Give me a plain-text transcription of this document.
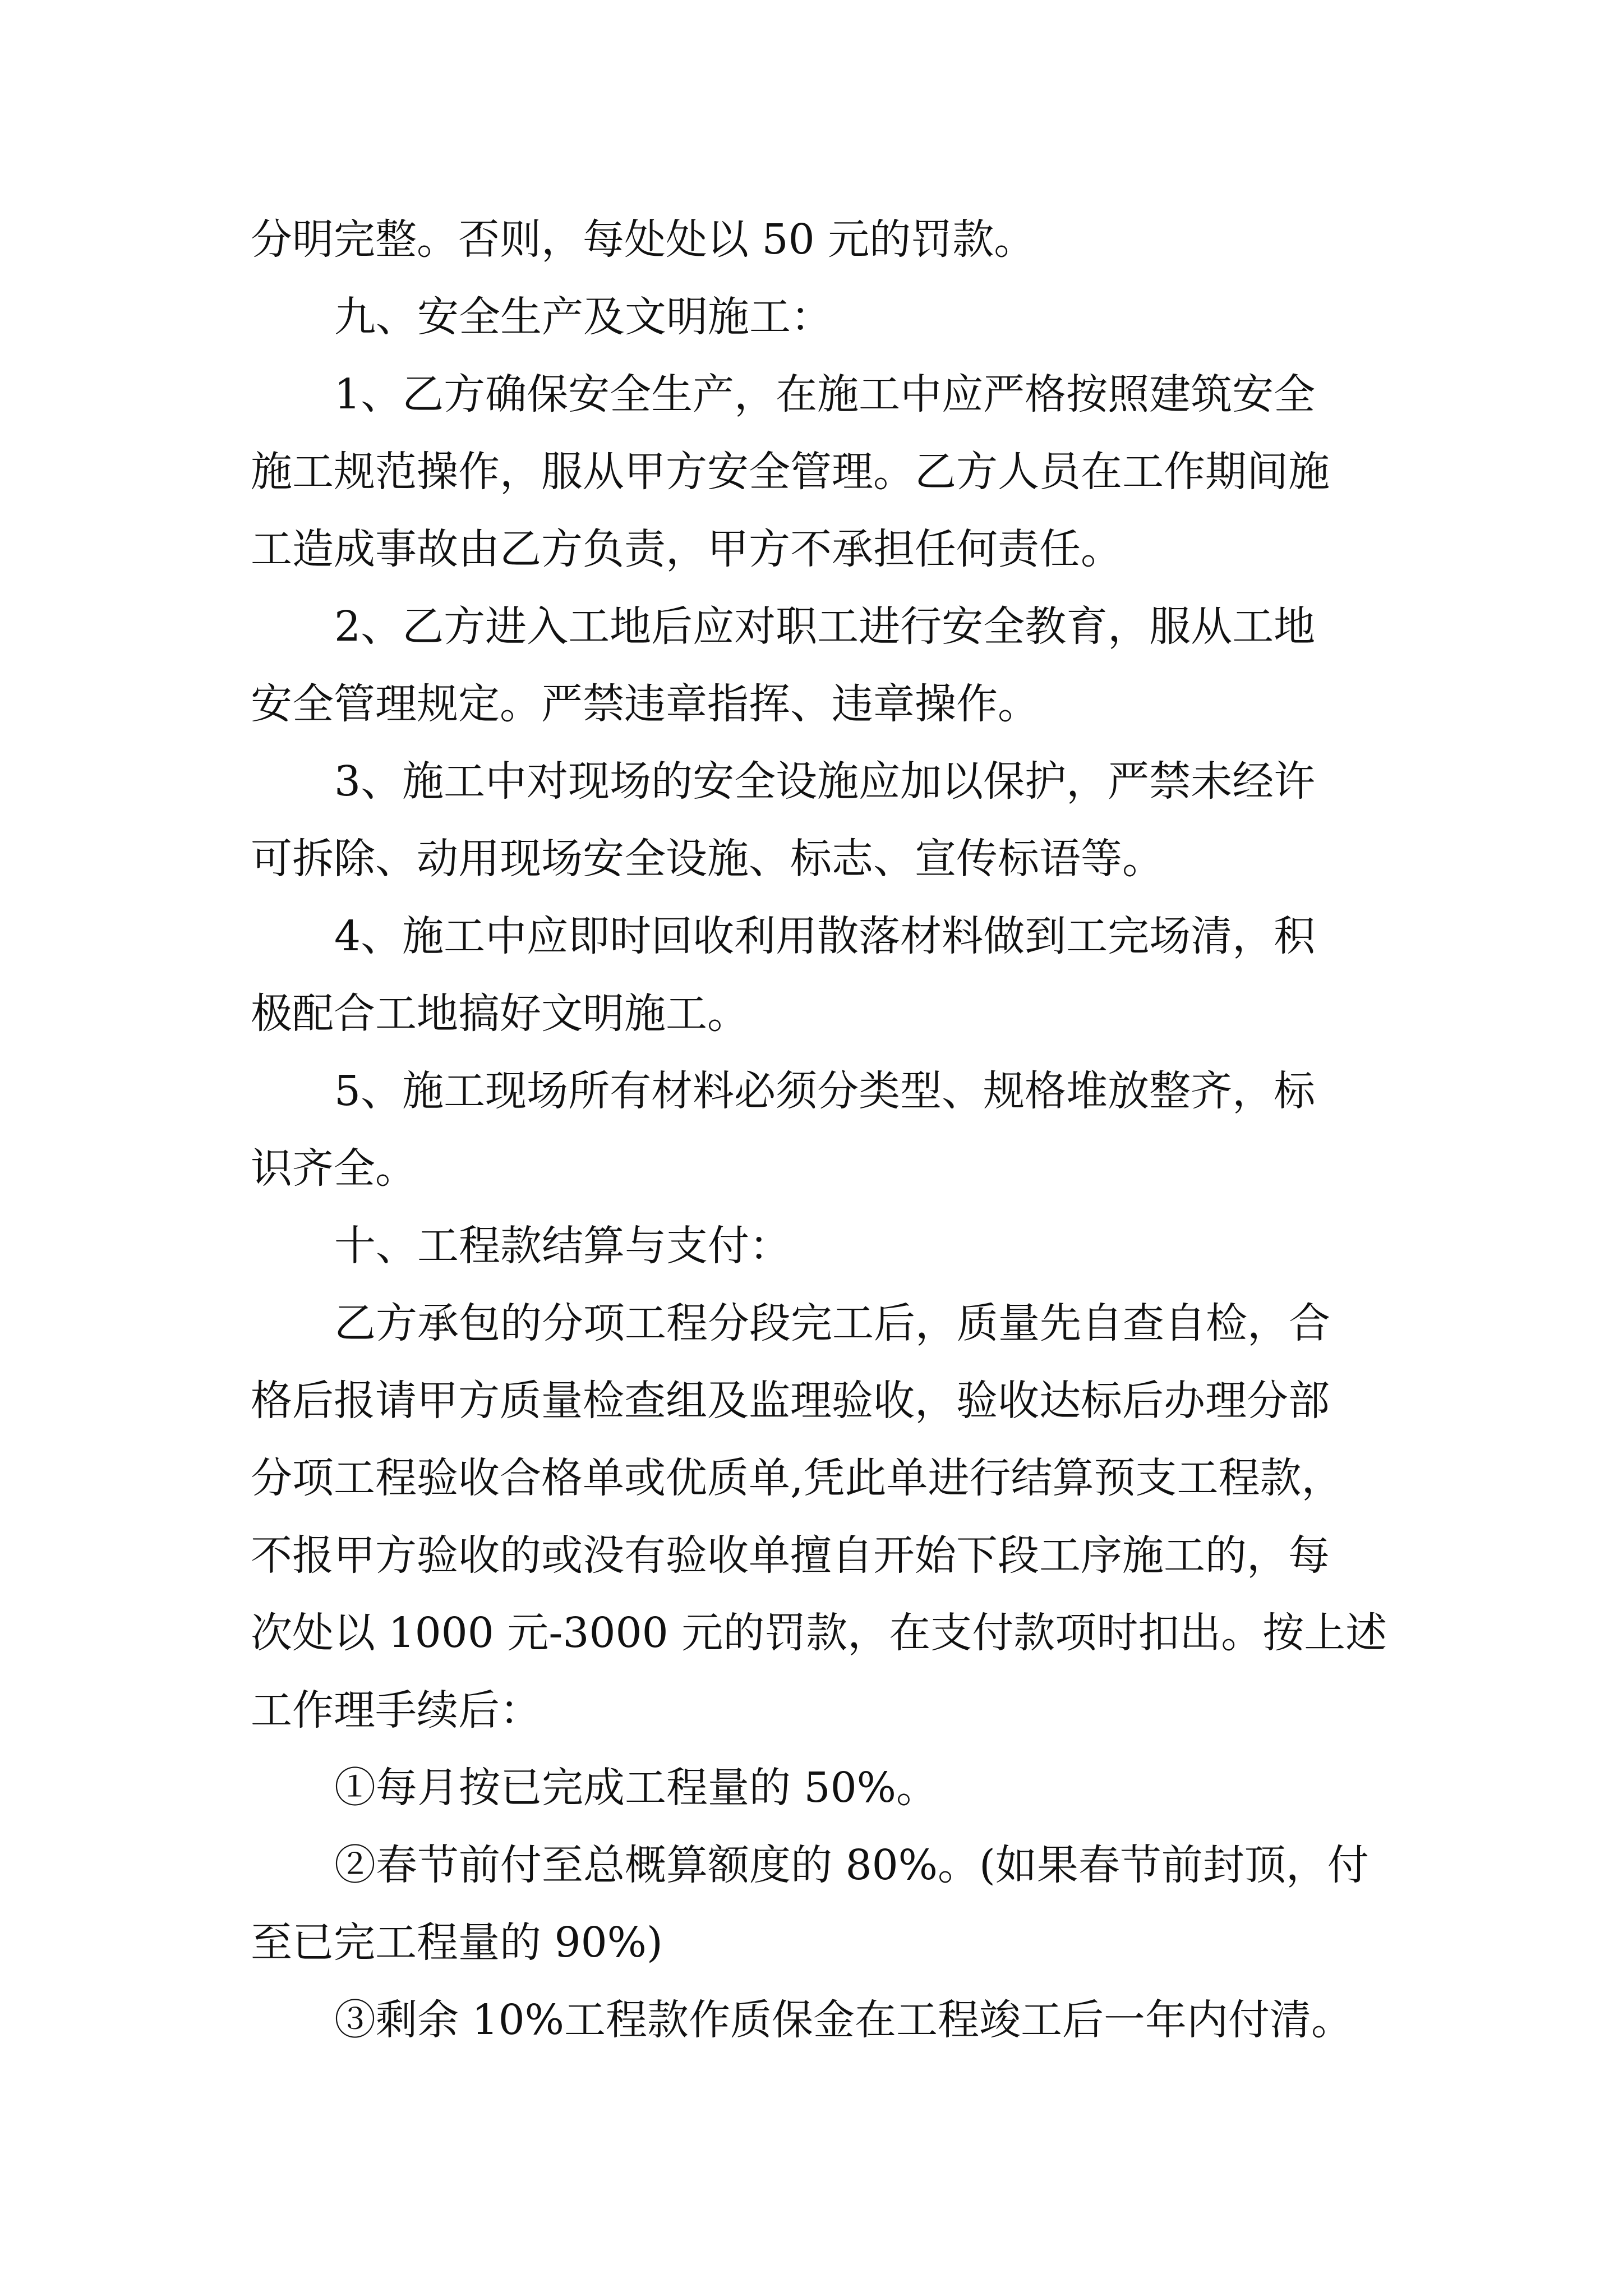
分明完整。否则，每处处以 50 元的罚款。

九、安全生产及文明施工：

1、乙方确保安全生产，在施工中应严格按照建筑安全

施工规范操作，服从甲方安全管理。乙方人员在工作期间施

工造成事故由乙方负责，甲方不承担任何责任。

2、乙方进入工地后应对职工进行安全教育，服从工地

安全管理规定。严禁违章指挥、违章操作。

3、施工中对现场的安全设施应加以保护，严禁未经许

可拆除、动用现场安全设施、标志、宣传标语等。

4、施工中应即时回收利用散落材料做到工完场清，积

极配合工地搞好文明施工。

5、施工现场所有材料必须分类型、规格堆放整齐，标

识齐全。

十、工程款结算与支付：

乙方承包的分项工程分段完工后，质量先自查自检，合

格后报请甲方质量检查组及监理验收，验收达标后办理分部

分项工程验收合格单或优质单,凭此单进行结算预支工程款，

不报甲方验收的或没有验收单擅自开始下段工序施工的，每

次处以 1000 元-3000 元的罚款，在支付款项时扣出。按上述

工作理手续后：

①每月按已完成工程量的 50%。

②春节前付至总概算额度的 80%。(如果春节前封顶，付

至已完工程量的 90%)

③剩余 10%工程款作质保金在工程竣工后一年内付清。
